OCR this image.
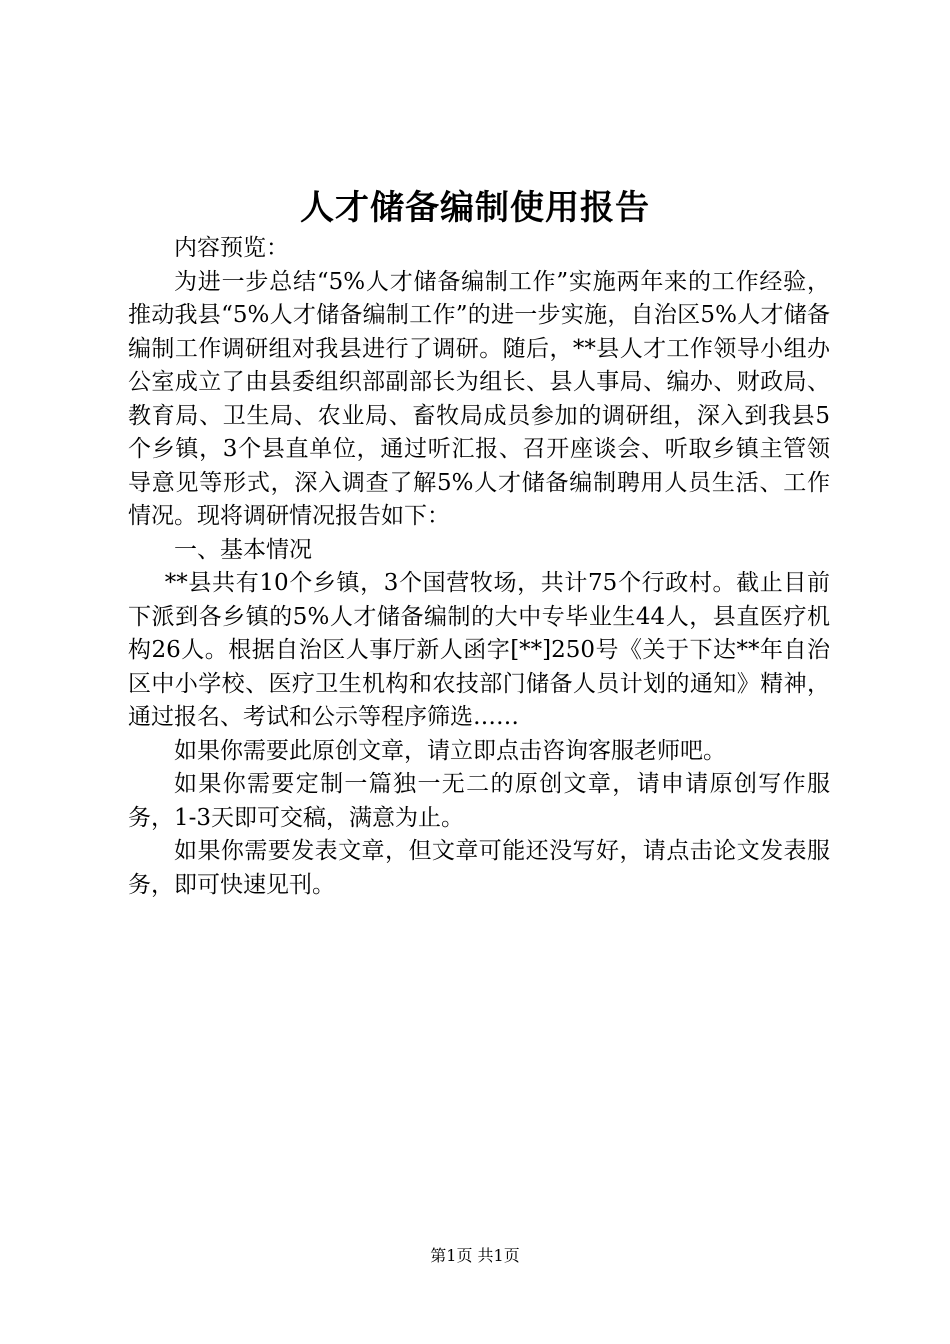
人才储备编制使用报告

内容预览：

为进一步总结“5%人才储备编制工作”实施两年来的工作经验，推动我县“5%人才储备编制工作”的进一步实施，自治区5%人才储备编制工作调研组对我县进行了调研。随后，**县人才工作领导小组办公室成立了由县委组织部副部长为组长、县人事局、编办、财政局、教育局、卫生局、农业局、畜牧局成员参加的调研组，深入到我县5个乡镇，3个县直单位，通过听汇报、召开座谈会、听取乡镇主管领导意见等形式，深入调查了解5%人才储备编制聘用人员生活、工作情况。现将调研情况报告如下：

一、基本情况

**县共有10个乡镇，3个国营牧场，共计75个行政村。截止目前下派到各乡镇的5%人才储备编制的大中专毕业生44人，县直医疗机构26人。根据自治区人事厅新人函字[**]250号《关于下达**年自治区中小学校、医疗卫生机构和农技部门储备人员计划的通知》精神，通过报名、考试和公示等程序筛选……

如果你需要此原创文章，请立即点击咨询客服老师吧。

如果你需要定制一篇独一无二的原创文章，请申请原创写作服务，1-3天即可交稿，满意为止。

如果你需要发表文章，但文章可能还没写好，请点击论文发表服务，即可快速见刊。

第1页 共1页
